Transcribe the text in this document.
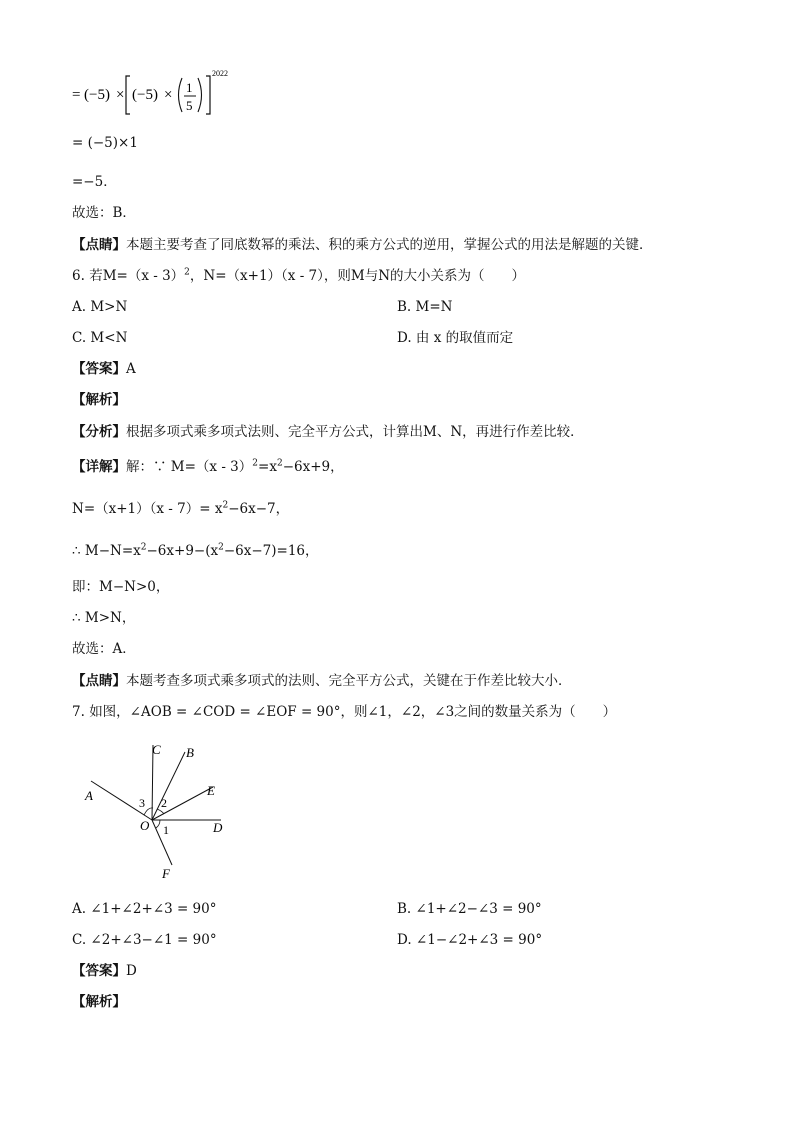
= (−5) × (−5) × 1
5
2022
= (−5)×1
=−5．
故选：B．
【点睛】本题主要考查了同底数幂的乘法、积的乘方公式的逆用，掌握公式的用法是解题的关键．
6. 若M=（x - 3）$^2$，N=（x+1）（x - 7），则M与N的大小关系为（　　）
A. M>N	B. M=N
C. M<N	D. 由 x 的取值而定
【答案】A
【解析】
【分析】根据多项式乘多项式法则、完全平方公式，计算出M、N，再进行作差比较．
【详解】解：∵ $M=(x - 3)^2=x^2-6x+9$，
$N=(x+1)(x - 7)= x^2-6x-7$，
∴ $M-N=x^2-6x+9-(x^2-6x-7)=16$，
即：M−N>0，
∴ M>N，
故选：A．
【点睛】本题考查多项式乘多项式的法则、完全平方公式，关键在于作差比较大小．
7. 如图，∠AOB = ∠COD = ∠EOF = 90°，则∠1，∠2，∠3之间的数量关系为（　　）
C B
E
A
D
O
F
3 2
1
A. ∠1+∠2+∠3 = 90°	B. ∠1+∠2−∠3 = 90°
C. ∠2+∠3−∠1 = 90°	D. ∠1−∠2+∠3 = 90°
【答案】D
【解析】
